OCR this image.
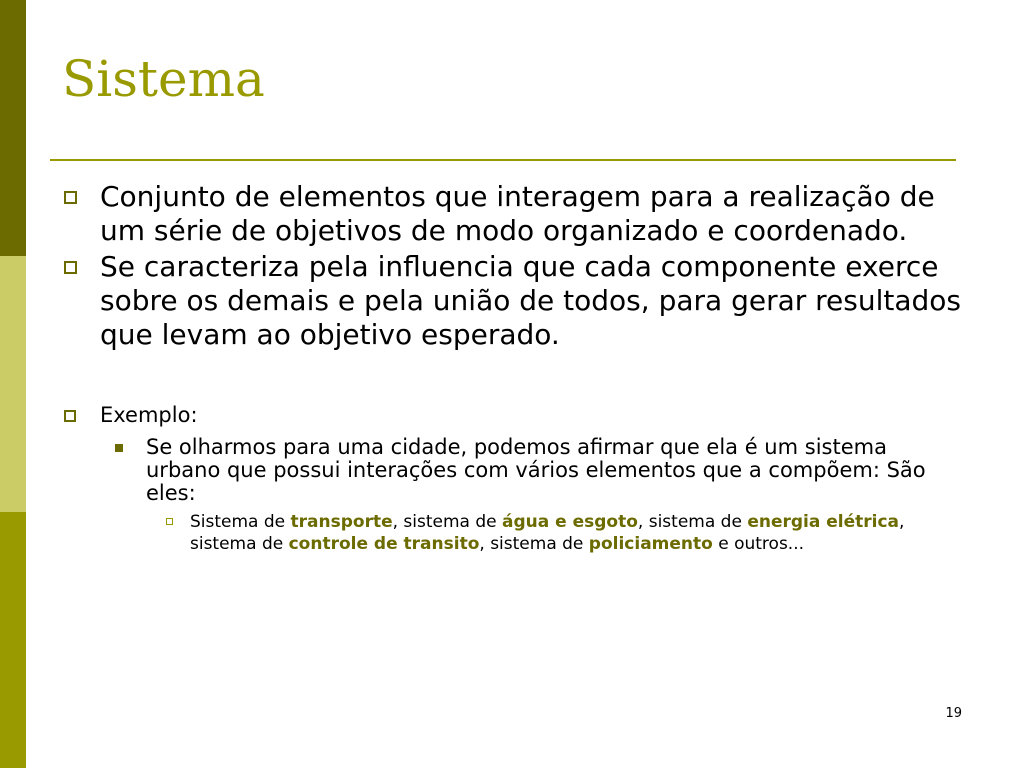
Sistema
Conjunto de elementos que interagem para a realização de um série de objetivos de modo organizado e coordenado.
Se caracteriza pela influencia que cada componente exerce sobre os demais e pela união de todos, para gerar resultados que levam ao objetivo esperado.
Exemplo:
Se olharmos para uma cidade, podemos afirmar que ela é um sistema urbano que possui interações com vários elementos que a compõem: São eles:
Sistema de transporte, sistema de água e esgoto, sistema de energia elétrica, sistema de controle de transito, sistema de policiamento e outros...
19
